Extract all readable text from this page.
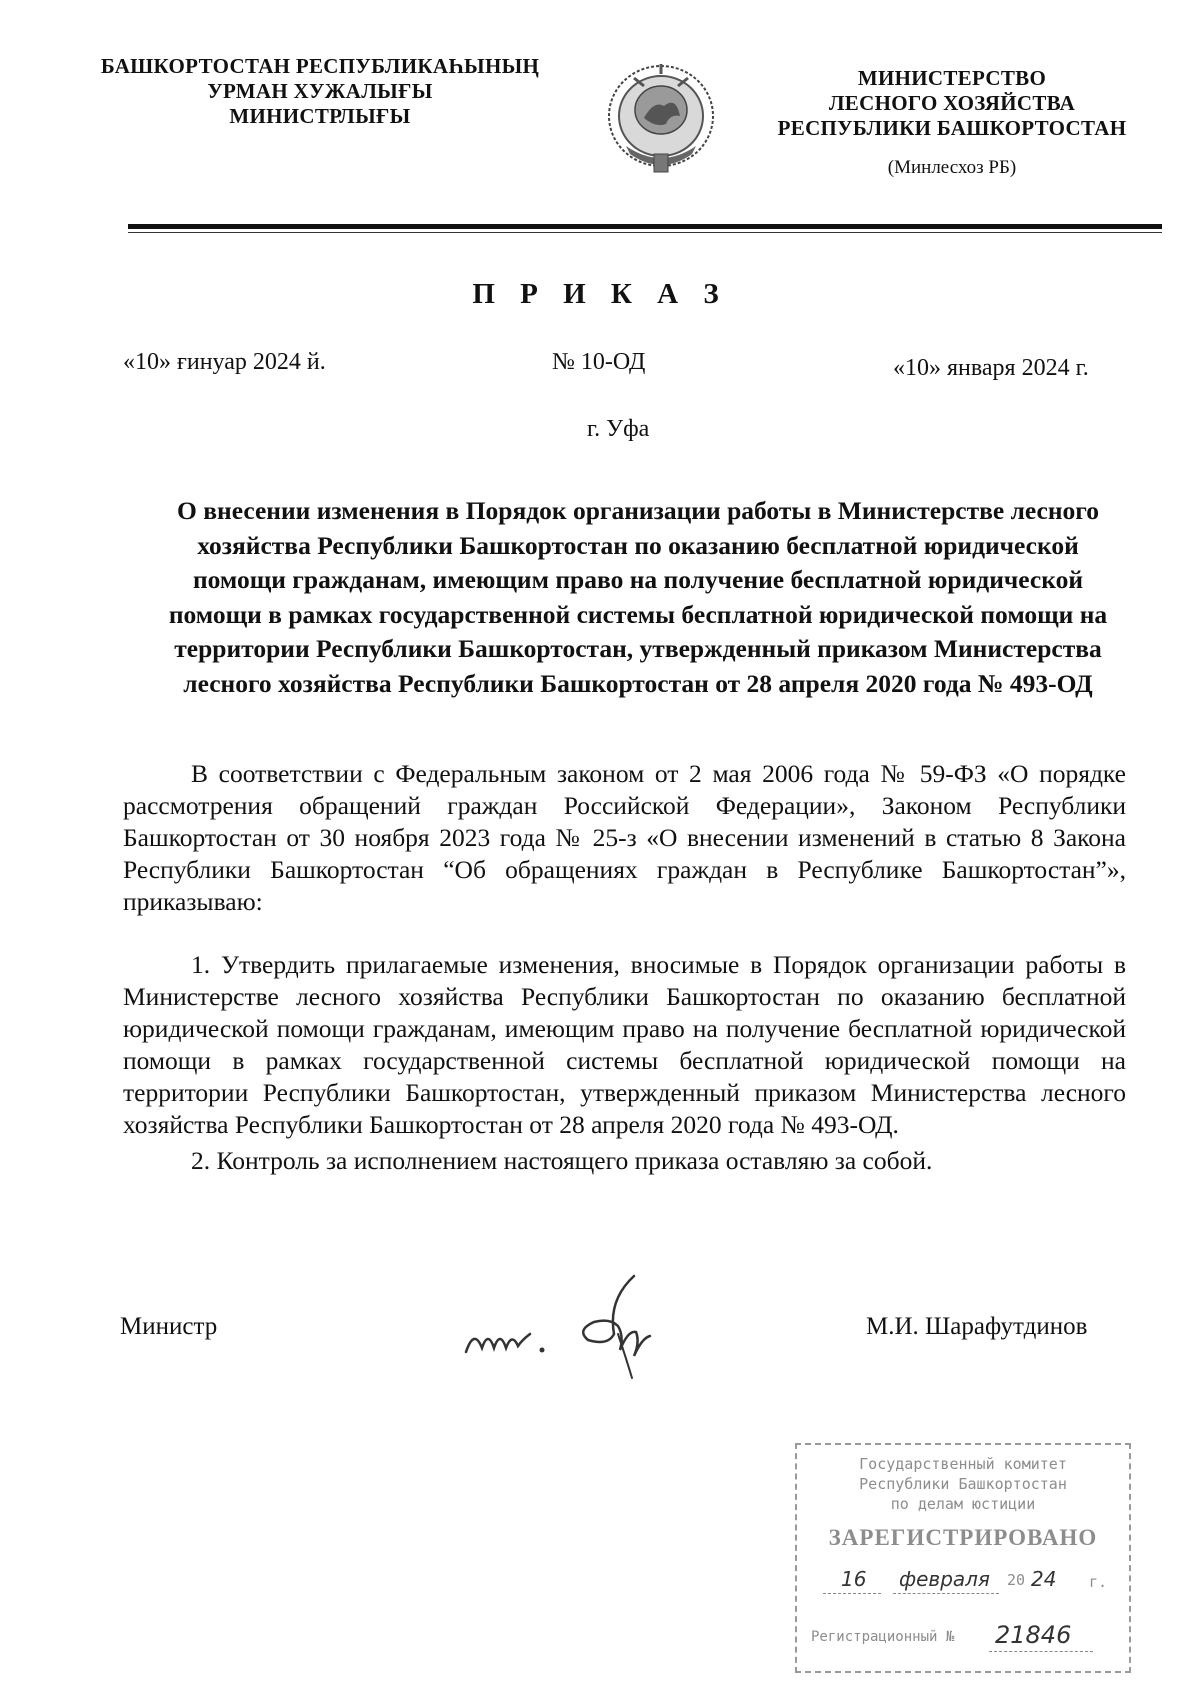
БАШКОРТОСТАН РЕСПУБЛИКАҺЫНЫҢ
УРМАН ХУЖАЛЫҒЫ
МИНИСТРЛЫҒЫ
МИНИСТЕРСТВО
ЛЕСНОГО ХОЗЯЙСТВА
РЕСПУБЛИКИ БАШКОРТОСТАН
(Минлесхоз РБ)
П Р И К А З
«10» ғинуар 2024 й.	№ 10-ОД	«10» января 2024 г.
г. Уфа
О внесении изменения в Порядок организации работы в Министерстве лесного хозяйства Республики Башкортостан по оказанию бесплатной юридической помощи гражданам, имеющим право на получение бесплатной юридической помощи в рамках государственной системы бесплатной юридической помощи на территории Республики Башкортостан, утвержденный приказом Министерства лесного хозяйства Республики Башкортостан от 28 апреля 2020 года № 493-ОД

В соответствии с Федеральным законом от 2 мая 2006 года № 59-ФЗ «О порядке рассмотрения обращений граждан Российской Федерации», Законом Республики Башкортостан от 30 ноября 2023 года № 25-з «О внесении изменений в статью 8 Закона Республики Башкортостан “Об обращениях граждан в Республике Башкортостан”», приказываю:

1. Утвердить прилагаемые изменения, вносимые в Порядок организации работы в Министерстве лесного хозяйства Республики Башкортостан по оказанию бесплатной юридической помощи гражданам, имеющим право на получение бесплатной юридической помощи в рамках государственной системы бесплатной юридической помощи на территории Республики Башкортостан, утвержденный приказом Министерства лесного хозяйства Республики Башкортостан от 28 апреля 2020 года № 493-ОД.

2. Контроль за исполнением настоящего приказа оставляю за собой.

Министр	М.И. Шарафутдинов
Государственный комитет
Республики Башкортостан
по делам юстиции
ЗАРЕГИСТРИРОВАНО
16 февраля 20 24 г.
Регистрационный № 21846
